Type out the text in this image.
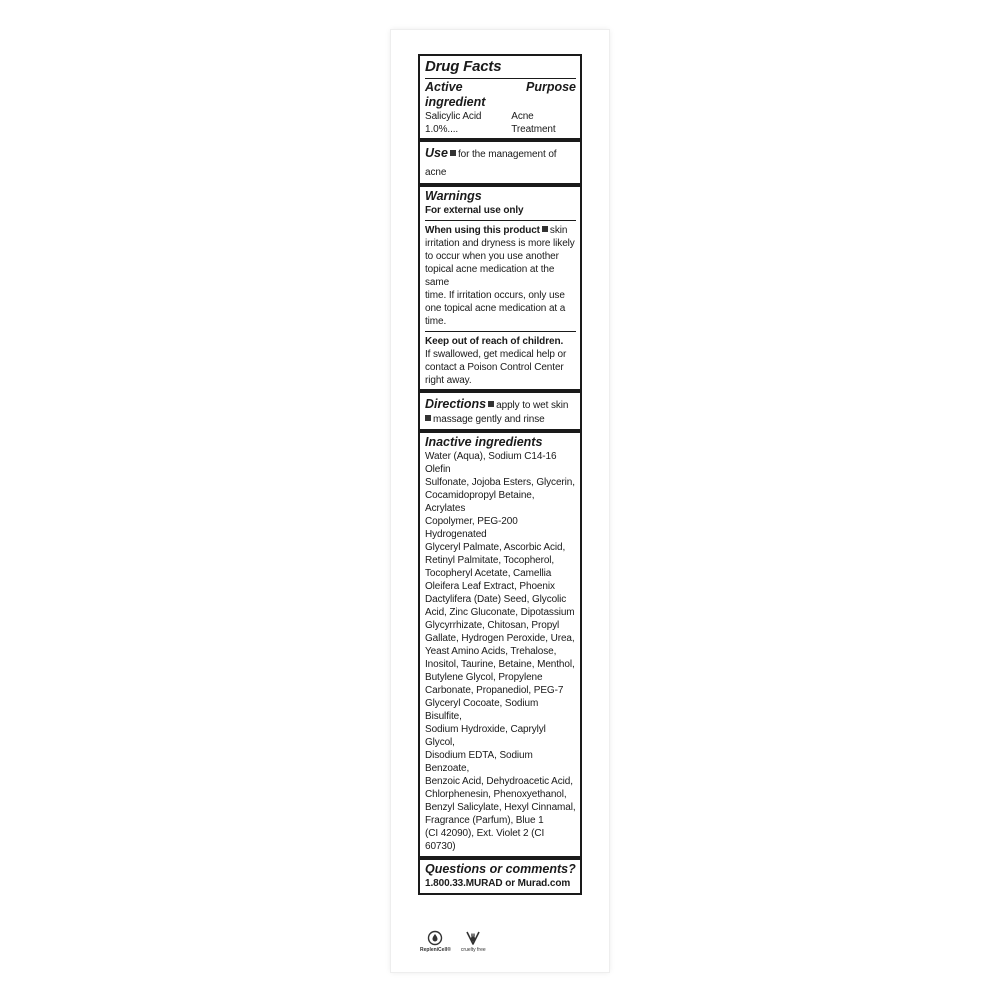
Drug Facts
Active ingredient
Purpose
Salicylic Acid 1.0%....
Acne Treatment
Use for the management of acne
Warnings
For external use only
When using this product skin
irritation and dryness is more likely
to occur when you use another
topical acne medication at the same
time. If irritation occurs, only use
one topical acne medication at a
time.
Keep out of reach of children.
If swallowed, get medical help or
contact a Poison Control Center
right away.
Directions apply to wet skin
massage gently and rinse
Inactive ingredients
Water (Aqua), Sodium C14-16 Olefin
Sulfonate, Jojoba Esters, Glycerin,
Cocamidopropyl Betaine, Acrylates
Copolymer, PEG-200 Hydrogenated
Glyceryl Palmate, Ascorbic Acid,
Retinyl Palmitate, Tocopherol,
Tocopheryl Acetate, Camellia
Oleifera Leaf Extract, Phoenix
Dactylifera (Date) Seed, Glycolic
Acid, Zinc Gluconate, Dipotassium
Glycyrrhizate, Chitosan, Propyl
Gallate, Hydrogen Peroxide, Urea,
Yeast Amino Acids, Trehalose,
Inositol, Taurine, Betaine, Menthol,
Butylene Glycol, Propylene
Carbonate, Propanediol, PEG-7
Glyceryl Cocoate, Sodium Bisulfite,
Sodium Hydroxide, Caprylyl Glycol,
Disodium EDTA, Sodium Benzoate,
Benzoic Acid, Dehydroacetic Acid,
Chlorphenesin, Phenoxyethanol,
Benzyl Salicylate, Hexyl Cinnamal,
Fragrance (Parfum), Blue 1
(CI 42090), Ext. Violet 2 (CI 60730)
Questions or comments?
1.800.33.MURAD or Murad.com
RepleniCell® cruelty free
